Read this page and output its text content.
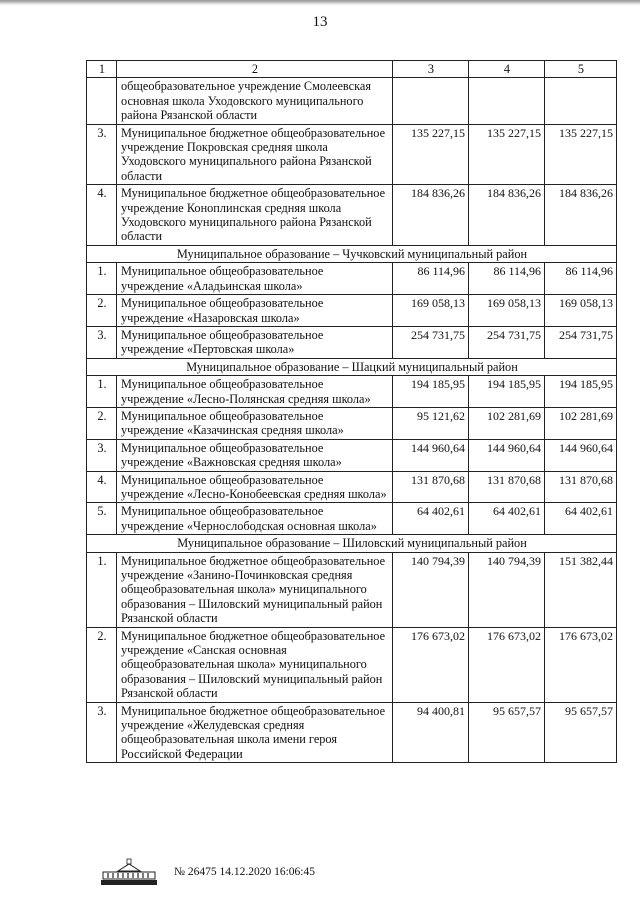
13
1	2	3	4	5
	общеобразовательное учреждение Смолеевская основная школа Уходовского муниципального района Рязанской области			
3.	Муниципальное бюджетное общеобразовательное учреждение Покровская средняя школа Уходовского муниципального района Рязанской области	135 227,15	135 227,15	135 227,15
4.	Муниципальное бюджетное общеобразовательное учреждение Коноплинская средняя школа Уходовского муниципального района Рязанской области	184 836,26	184 836,26	184 836,26
Муниципальное образование – Чучковский муниципальный район				
1.	Муниципальное общеобразовательное учреждение «Аладьинская школа»	86 114,96	86 114,96	86 114,96
2.	Муниципальное общеобразовательное учреждение «Назаровская школа»	169 058,13	169 058,13	169 058,13
3.	Муниципальное общеобразовательное учреждение «Пертовская школа»	254 731,75	254 731,75	254 731,75
Муниципальное образование – Шацкий муниципальный район				
1.	Муниципальное общеобразовательное учреждение «Лесно-Полянская средняя школа»	194 185,95	194 185,95	194 185,95
2.	Муниципальное общеобразовательное учреждение «Казачинская средняя школа»	95 121,62	102 281,69	102 281,69
3.	Муниципальное общеобразовательное учреждение «Важновская средняя школа»	144 960,64	144 960,64	144 960,64
4.	Муниципальное общеобразовательное учреждение «Лесно-Конобеевская средняя школа»	131 870,68	131 870,68	131 870,68
5.	Муниципальное общеобразовательное учреждение «Чернослободская основная школа»	64 402,61	64 402,61	64 402,61
Муниципальное образование – Шиловский муниципальный район				
1.	Муниципальное бюджетное общеобразовательное учреждение «Занино-Починковская средняя общеобразовательная школа» муниципального образования – Шиловский муниципальный район Рязанской области	140 794,39	140 794,39	151 382,44
2.	Муниципальное бюджетное общеобразовательное учреждение «Санская основная общеобразовательная школа» муниципального образования – Шиловский муниципальный район Рязанской области	176 673,02	176 673,02	176 673,02
3.	Муниципальное бюджетное общеобразовательное учреждение «Желудевская средняя общеобразовательная школа имени героя Российской Федерации	94 400,81	95 657,57	95 657,57
№ 26475 14.12.2020 16:06:45
